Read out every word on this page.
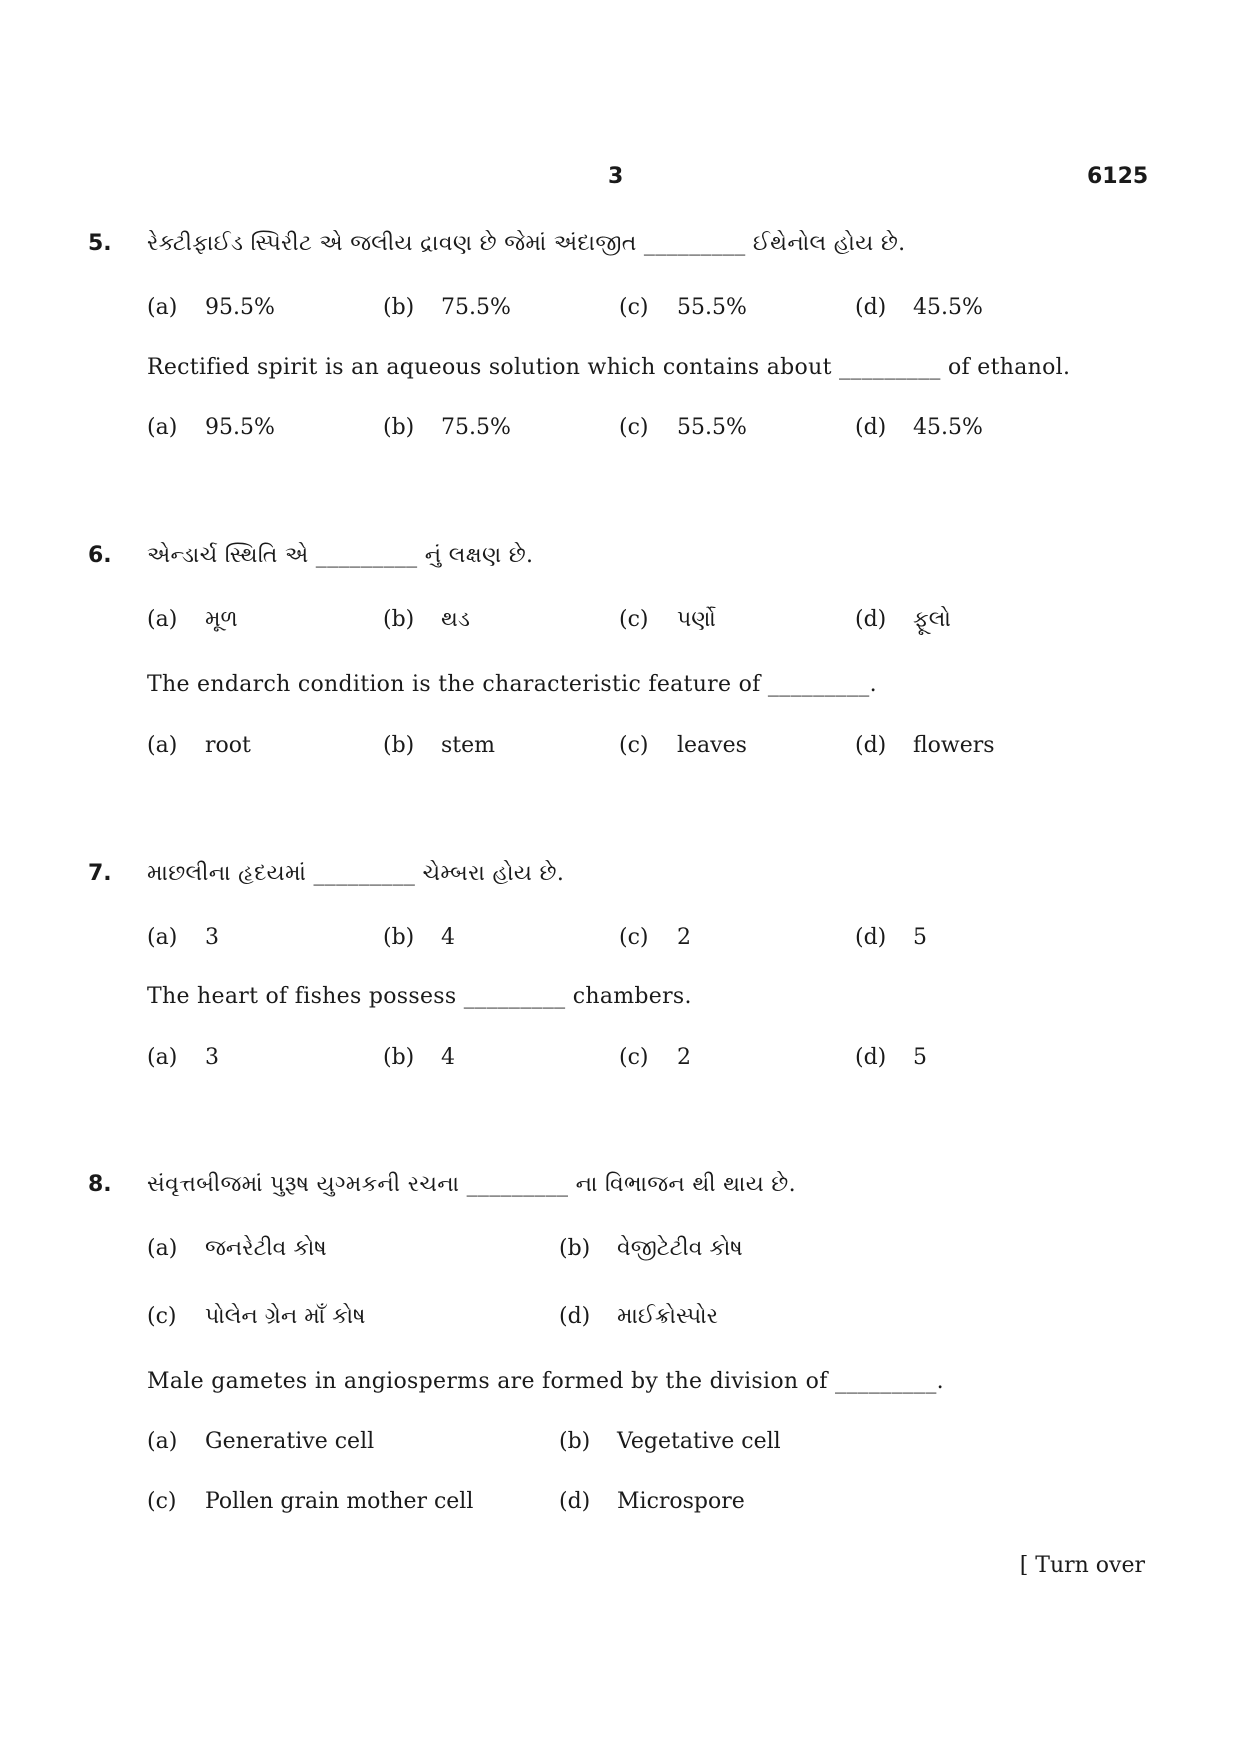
3	6125
5. રેક્ટીફાઈડ સ્પિરીટ એ જલીય દ્રાવણ છે જેમાં અંદાજીત _________ ઈથેનોલ હોય છે.
(a) 95.5%	(b) 75.5%	(c) 55.5%	(d) 45.5%
Rectified spirit is an aqueous solution which contains about _________ of ethanol.
(a) 95.5%	(b) 75.5%	(c) 55.5%	(d) 45.5%
6. એન્ડાર્ચ સ્થિતિ એ _________ નું લક્ષણ છે.
(a) મૂળ	(b) થડ	(c) પર્ણો	(d) ફૂલો
The endarch condition is the characteristic feature of _________.
(a) root	(b) stem	(c) leaves	(d) flowers
7. માછલીના હૃદયમાં _________ ચેમ્બરા હોય છે.
(a) 3	(b) 4	(c) 2	(d) 5
The heart of fishes possess _________ chambers.
(a) 3	(b) 4	(c) 2	(d) 5
8. સંવૃત્તબીજમાં પુરૂષ યુગ્મકની રચના _________ ના વિભાજન થી થાય છે.
(a) જનરેટીવ કોષ	(b) વેજીટેટીવ કોષ
(c) પોલેન ગ્રેન માઁ કોષ	(d) માઈક્રોસ્પોર
Male gametes in angiosperms are formed by the division of _________.
(a) Generative cell	(b) Vegetative cell
(c) Pollen grain mother cell	(d) Microspore
[ Turn over
